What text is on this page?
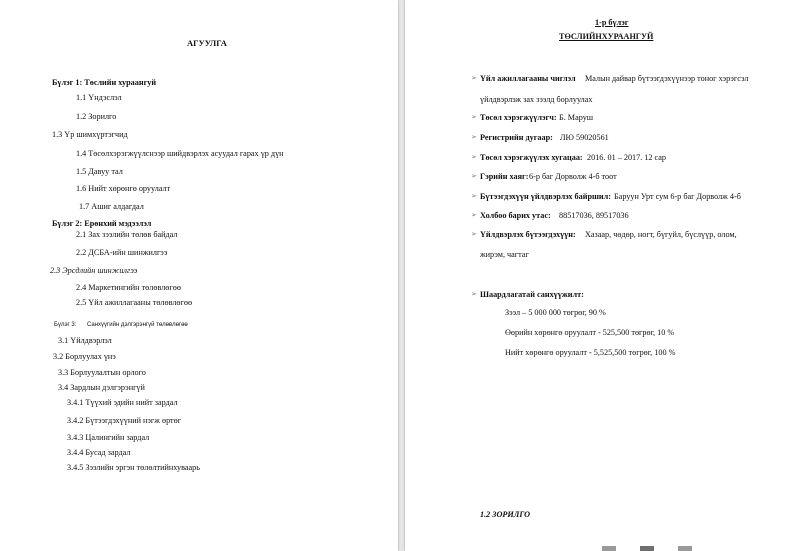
АГУУЛГА
Бүлэг 1: Төслийн хураангуй
1.1 Үндэслэл
1.2 Зорилго
1.3 Үр шимхүртэгчид
1.4 Төсөлхэрэгжүүлснээр шийдвэрлэх асуудал гарах үр дүн
1.5 Давуу тал
1.6 Нийт хөрөнгө оруулалт
1.7 Ашиг алдагдал
Бүлэг 2: Ерөнхий мэдээлэл
2.1 Зах зээлийн төлөв байдал
2.2 ДСБА-ийн шинжилгээ
2.3 Эрсдлийн шинжилгээ
2.4 Маркетингийн төлөвлөгөө
2.5 Үйл ажиллагааны төлөвлөгөө
Бүлэг 3: Санхүүгийн дэлгэрэнгүй төлөвлөгөө
3.1 Үйлдвэрлэл
3.2 Борлуулах үнэ
3.3 Борлуулалтын орлого
3.4 Зардлын дэлгэрэнгүй
3.4.1 Түүхий эдийн нийт зардал
3.4.2 Бүтээгдэхүүний нэгж өртөг
3.4.3 Цалингийн зардал
3.4.4 Бусад зардал
3.4.5 Зээлийн эргэн төлөлтийнхуваарь
1-р бүлэг
ТӨСЛИЙНХУРААНГУЙ
➢ Үйл ажиллагааны чиглэл Малын дайвар бүтээгдэхүүнээр тоног хэрэгсэл
үйлдвэрлэж зах зээлд борлуулах
➢ Төсөл хэрэгжүүлэгч: Б. Маруш
➢ Регистрийн дугаар: ЛЮ 59020561
➢ Төсөл хэрэгжүүлэх хугацаа: 2016. 01 – 2017. 12 сар
➢ Гэрийн хаяг: 6-р баг Дорволж 4-б тоот
➢ Бүтээгдэхүүн үйлдвэрлэх байршил: Баруун Урт сум 6-р баг Дорволж 4-б
➢ Холбоо барих утас: 88517036, 89517036
➢ Үйлдвэрлэх бүтээгдэхүүн: Хазаар, чөдөр, ногт, бүгуйл, бүслүүр, олом,
жирэм, чагтаг
➢ Шаардлагатай санхүүжилт:
Зээл – 5 000 000 төгрөг, 90 %
Өөрийн хөрөнгө оруулалт - 525,500 төгрөг, 10 %
Нийт хөрөнгө оруулалт - 5,525,500 төгрөг, 100 %
1.2 ЗОРИЛГО
